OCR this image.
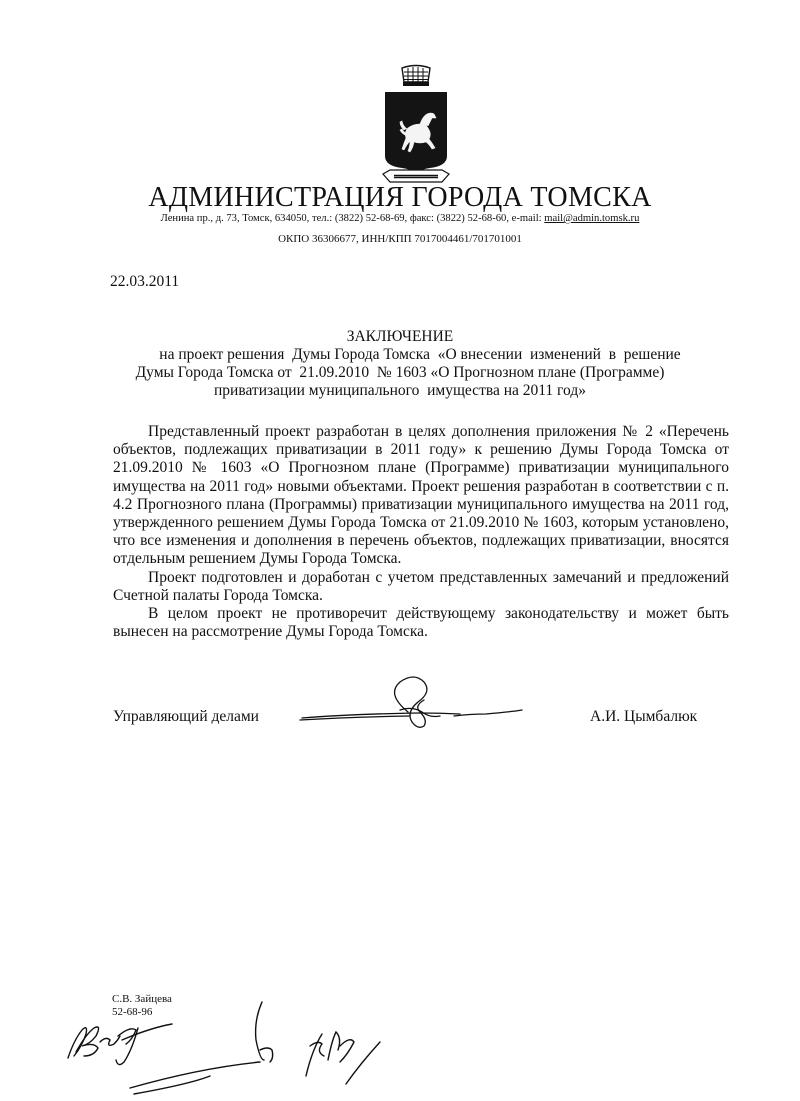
АДМИНИСТРАЦИЯ ГОРОДА ТОМСКА
Ленина пр., д. 73, Томск, 634050, тел.: (3822) 52-68-69, факс: (3822) 52-68-60, e-mail: mail@admin.tomsk.ru
ОКПО 36306677, ИНН/КПП 7017004461/701701001
22.03.2011
ЗАКЛЮЧЕНИЕ
на проект решения  Думы Города Томска  «О внесении  изменений  в  решение
Думы Города Томска от  21.09.2010  № 1603 «О Прогнозном плане (Программе)
приватизации муниципального  имущества на 2011 год»

Представленный проект разработан в целях дополнения приложения № 2 «Перечень объектов, подлежащих приватизации в 2011 году» к решению Думы Города Томска от 21.09.2010 № 1603 «О Прогнозном плане (Программе) приватизации муниципального имущества на 2011 год» новыми объектами. Проект решения разработан в соответствии с п. 4.2 Прогнозного плана (Программы) приватизации муниципального имущества на 2011 год, утвержденного решением Думы Города Томска от 21.09.2010 № 1603, которым установлено, что все изменения и дополнения в перечень объектов, подлежащих приватизации, вносятся отдельным решением Думы Города Томска.

Проект подготовлен и доработан с учетом представленных замечаний и предложений Счетной палаты Города Томска.

В целом проект не противоречит действующему законодательству и может быть вынесен на рассмотрение Думы Города Томска.

Управляющий делами	А.И. Цымбалюк
С.В. Зайцева
52-68-96
